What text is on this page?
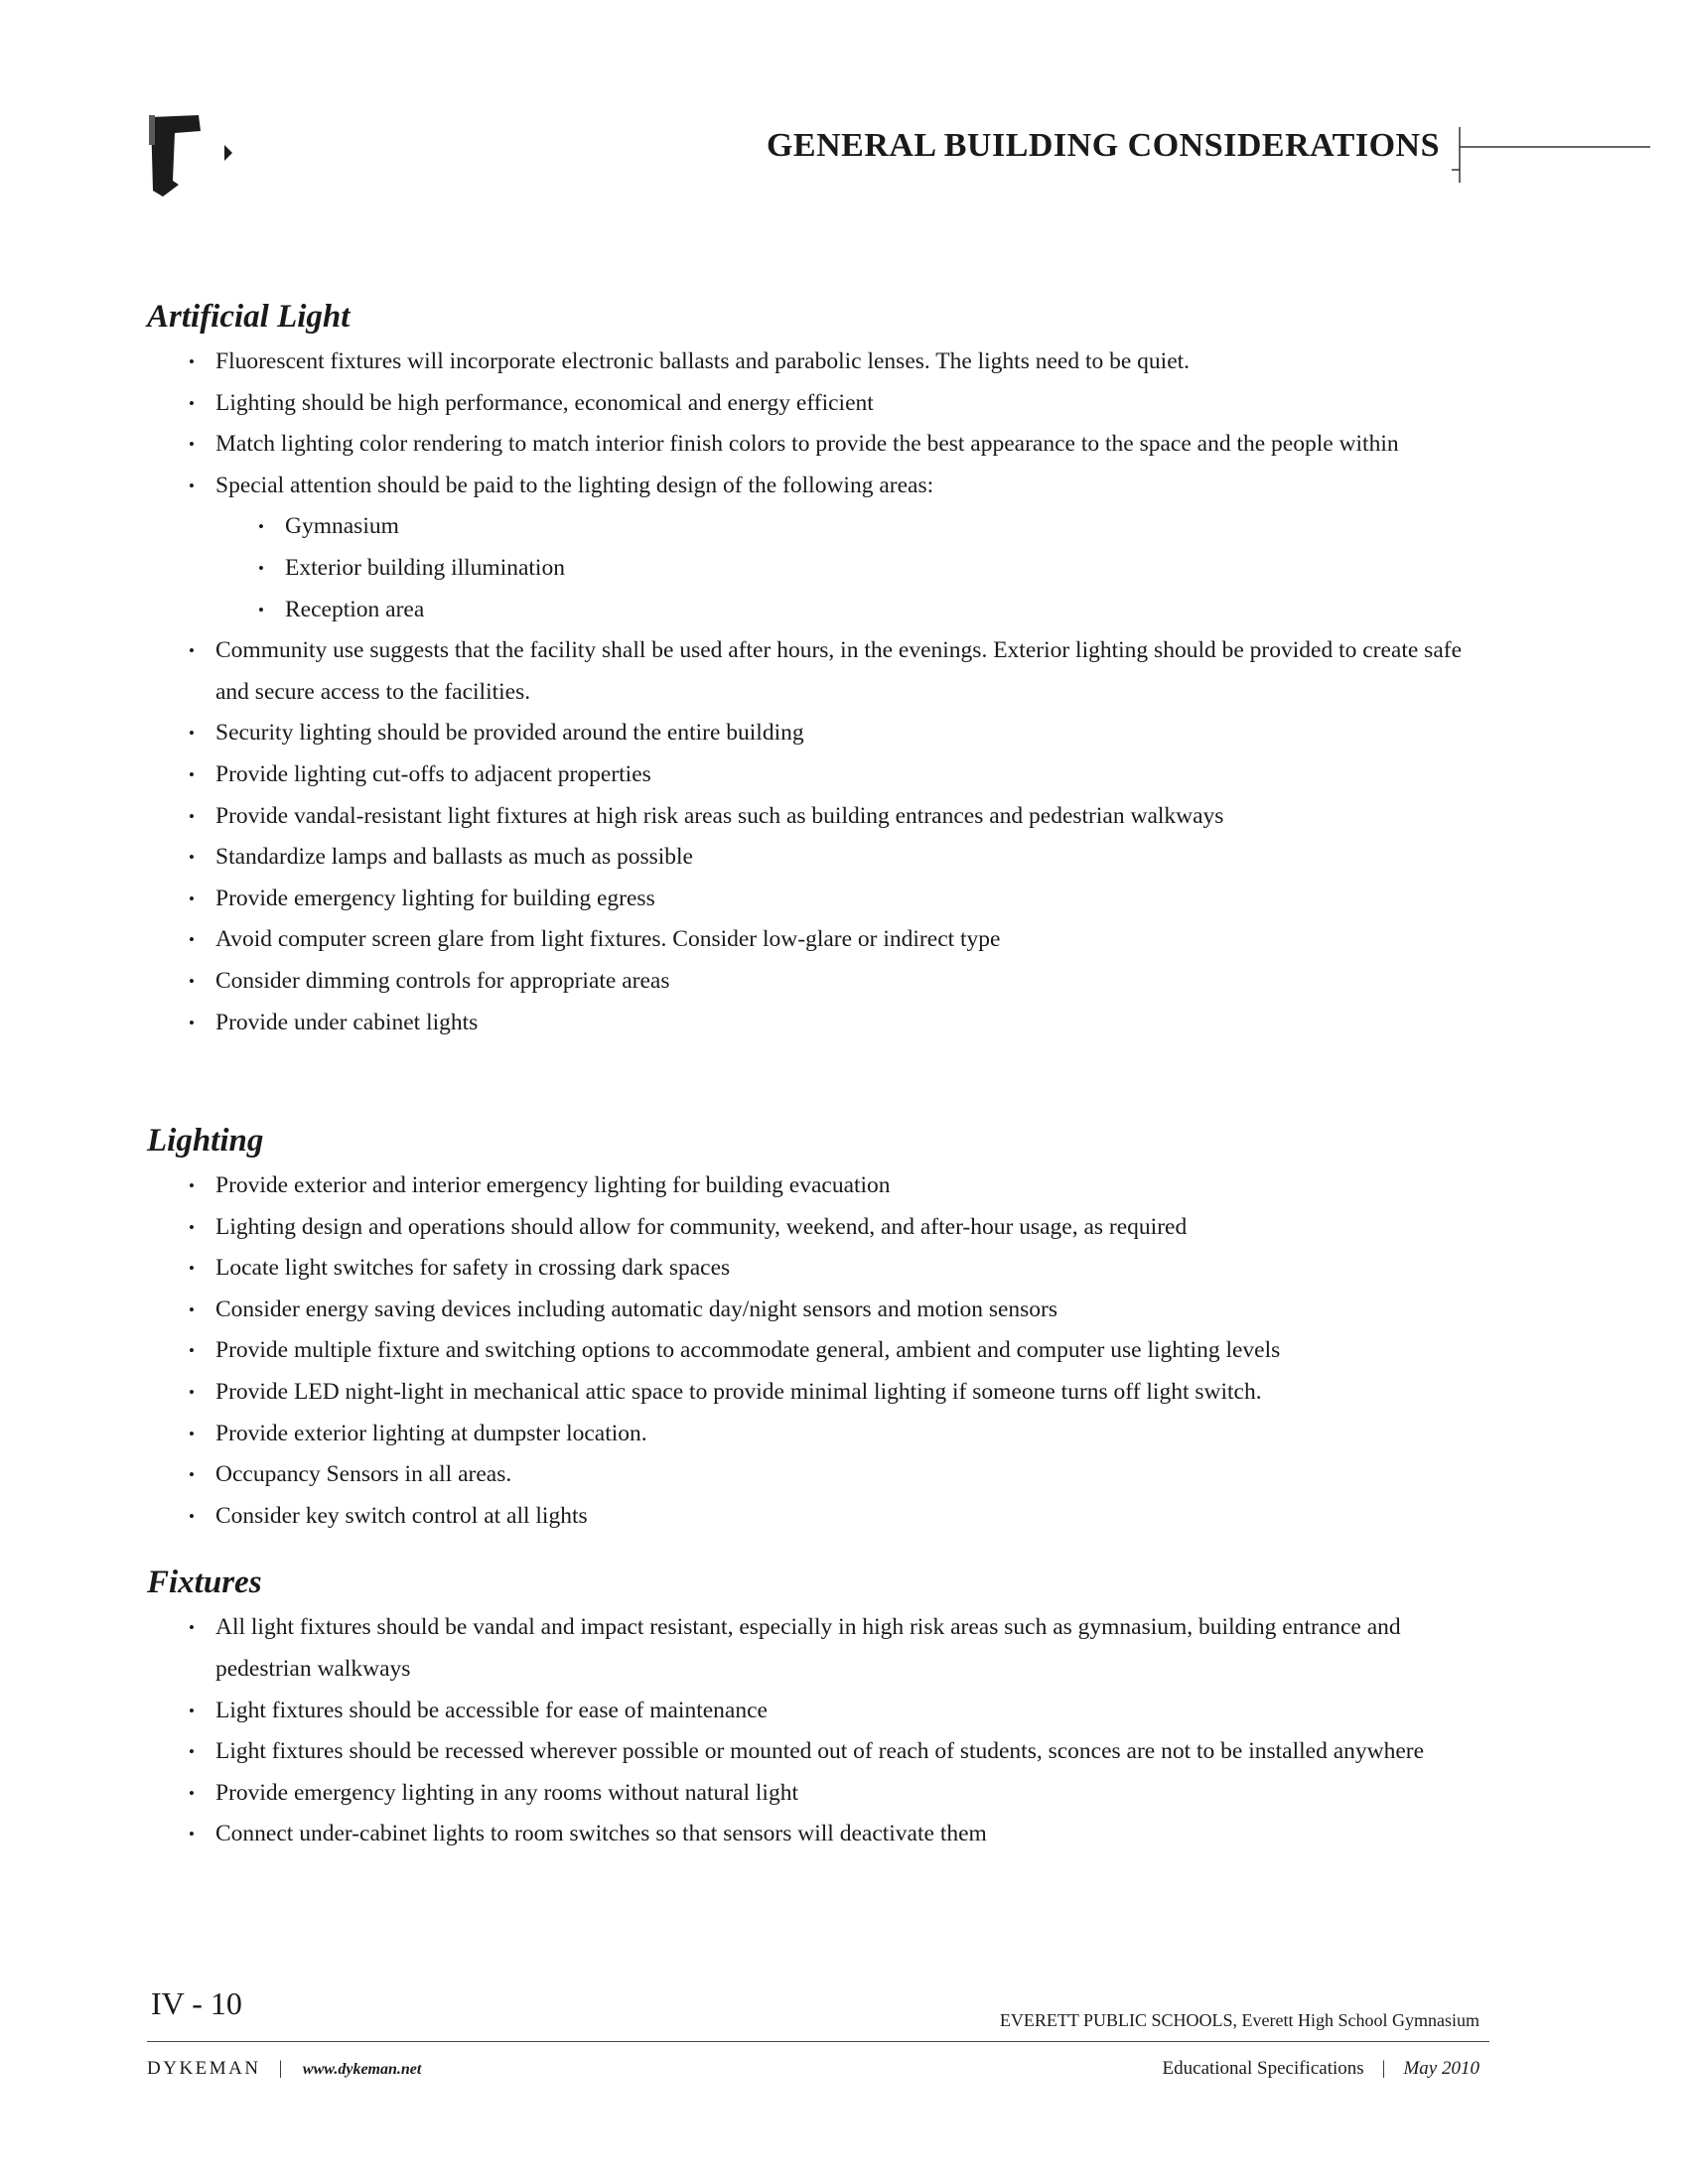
GENERAL BUILDING CONSIDERATIONS
Artificial Light
• Fluorescent fixtures will incorporate electronic ballasts and parabolic lenses. The lights need to be quiet.
• Lighting should be high performance, economical and energy efficient
• Match lighting color rendering to match interior finish colors to provide the best appearance to the space and the people within
• Special attention should be paid to the lighting design of the following areas:
• Gymnasium
• Exterior building illumination
• Reception area
• Community use suggests that the facility shall be used after hours, in the evenings. Exterior lighting should be provided to create safe and secure access to the facilities.
• Security lighting should be provided around the entire building
• Provide lighting cut-offs to adjacent properties
• Provide vandal-resistant light fixtures at high risk areas such as building entrances and pedestrian walkways
• Standardize lamps and ballasts as much as possible
• Provide emergency lighting for building egress
• Avoid computer screen glare from light fixtures. Consider low-glare or indirect type
• Consider dimming controls for appropriate areas
• Provide under cabinet lights
Lighting
• Provide exterior and interior emergency lighting for building evacuation
• Lighting design and operations should allow for community, weekend, and after-hour usage, as required
• Locate light switches for safety in crossing dark spaces
• Consider energy saving devices including automatic day/night sensors and motion sensors
• Provide multiple fixture and switching options to accommodate general, ambient and computer use lighting levels
• Provide LED night-light in mechanical attic space to provide minimal lighting if someone turns off light switch.
• Provide exterior lighting at dumpster location.
• Occupancy Sensors in all areas.
• Consider key switch control at all lights
Fixtures
• All light fixtures should be vandal and impact resistant, especially in high risk areas such as gymnasium, building entrance and pedestrian walkways
• Light fixtures should be accessible for ease of maintenance
• Light fixtures should be recessed wherever possible or mounted out of reach of students, sconces are not to be installed anywhere
• Provide emergency lighting in any rooms without natural light
• Connect under-cabinet lights to room switches so that sensors will deactivate them
IV - 10	EVERETT PUBLIC SCHOOLS, Everett High School Gymnasium
DYKEMAN | www.dykeman.net	Educational Specifications | May 2010
